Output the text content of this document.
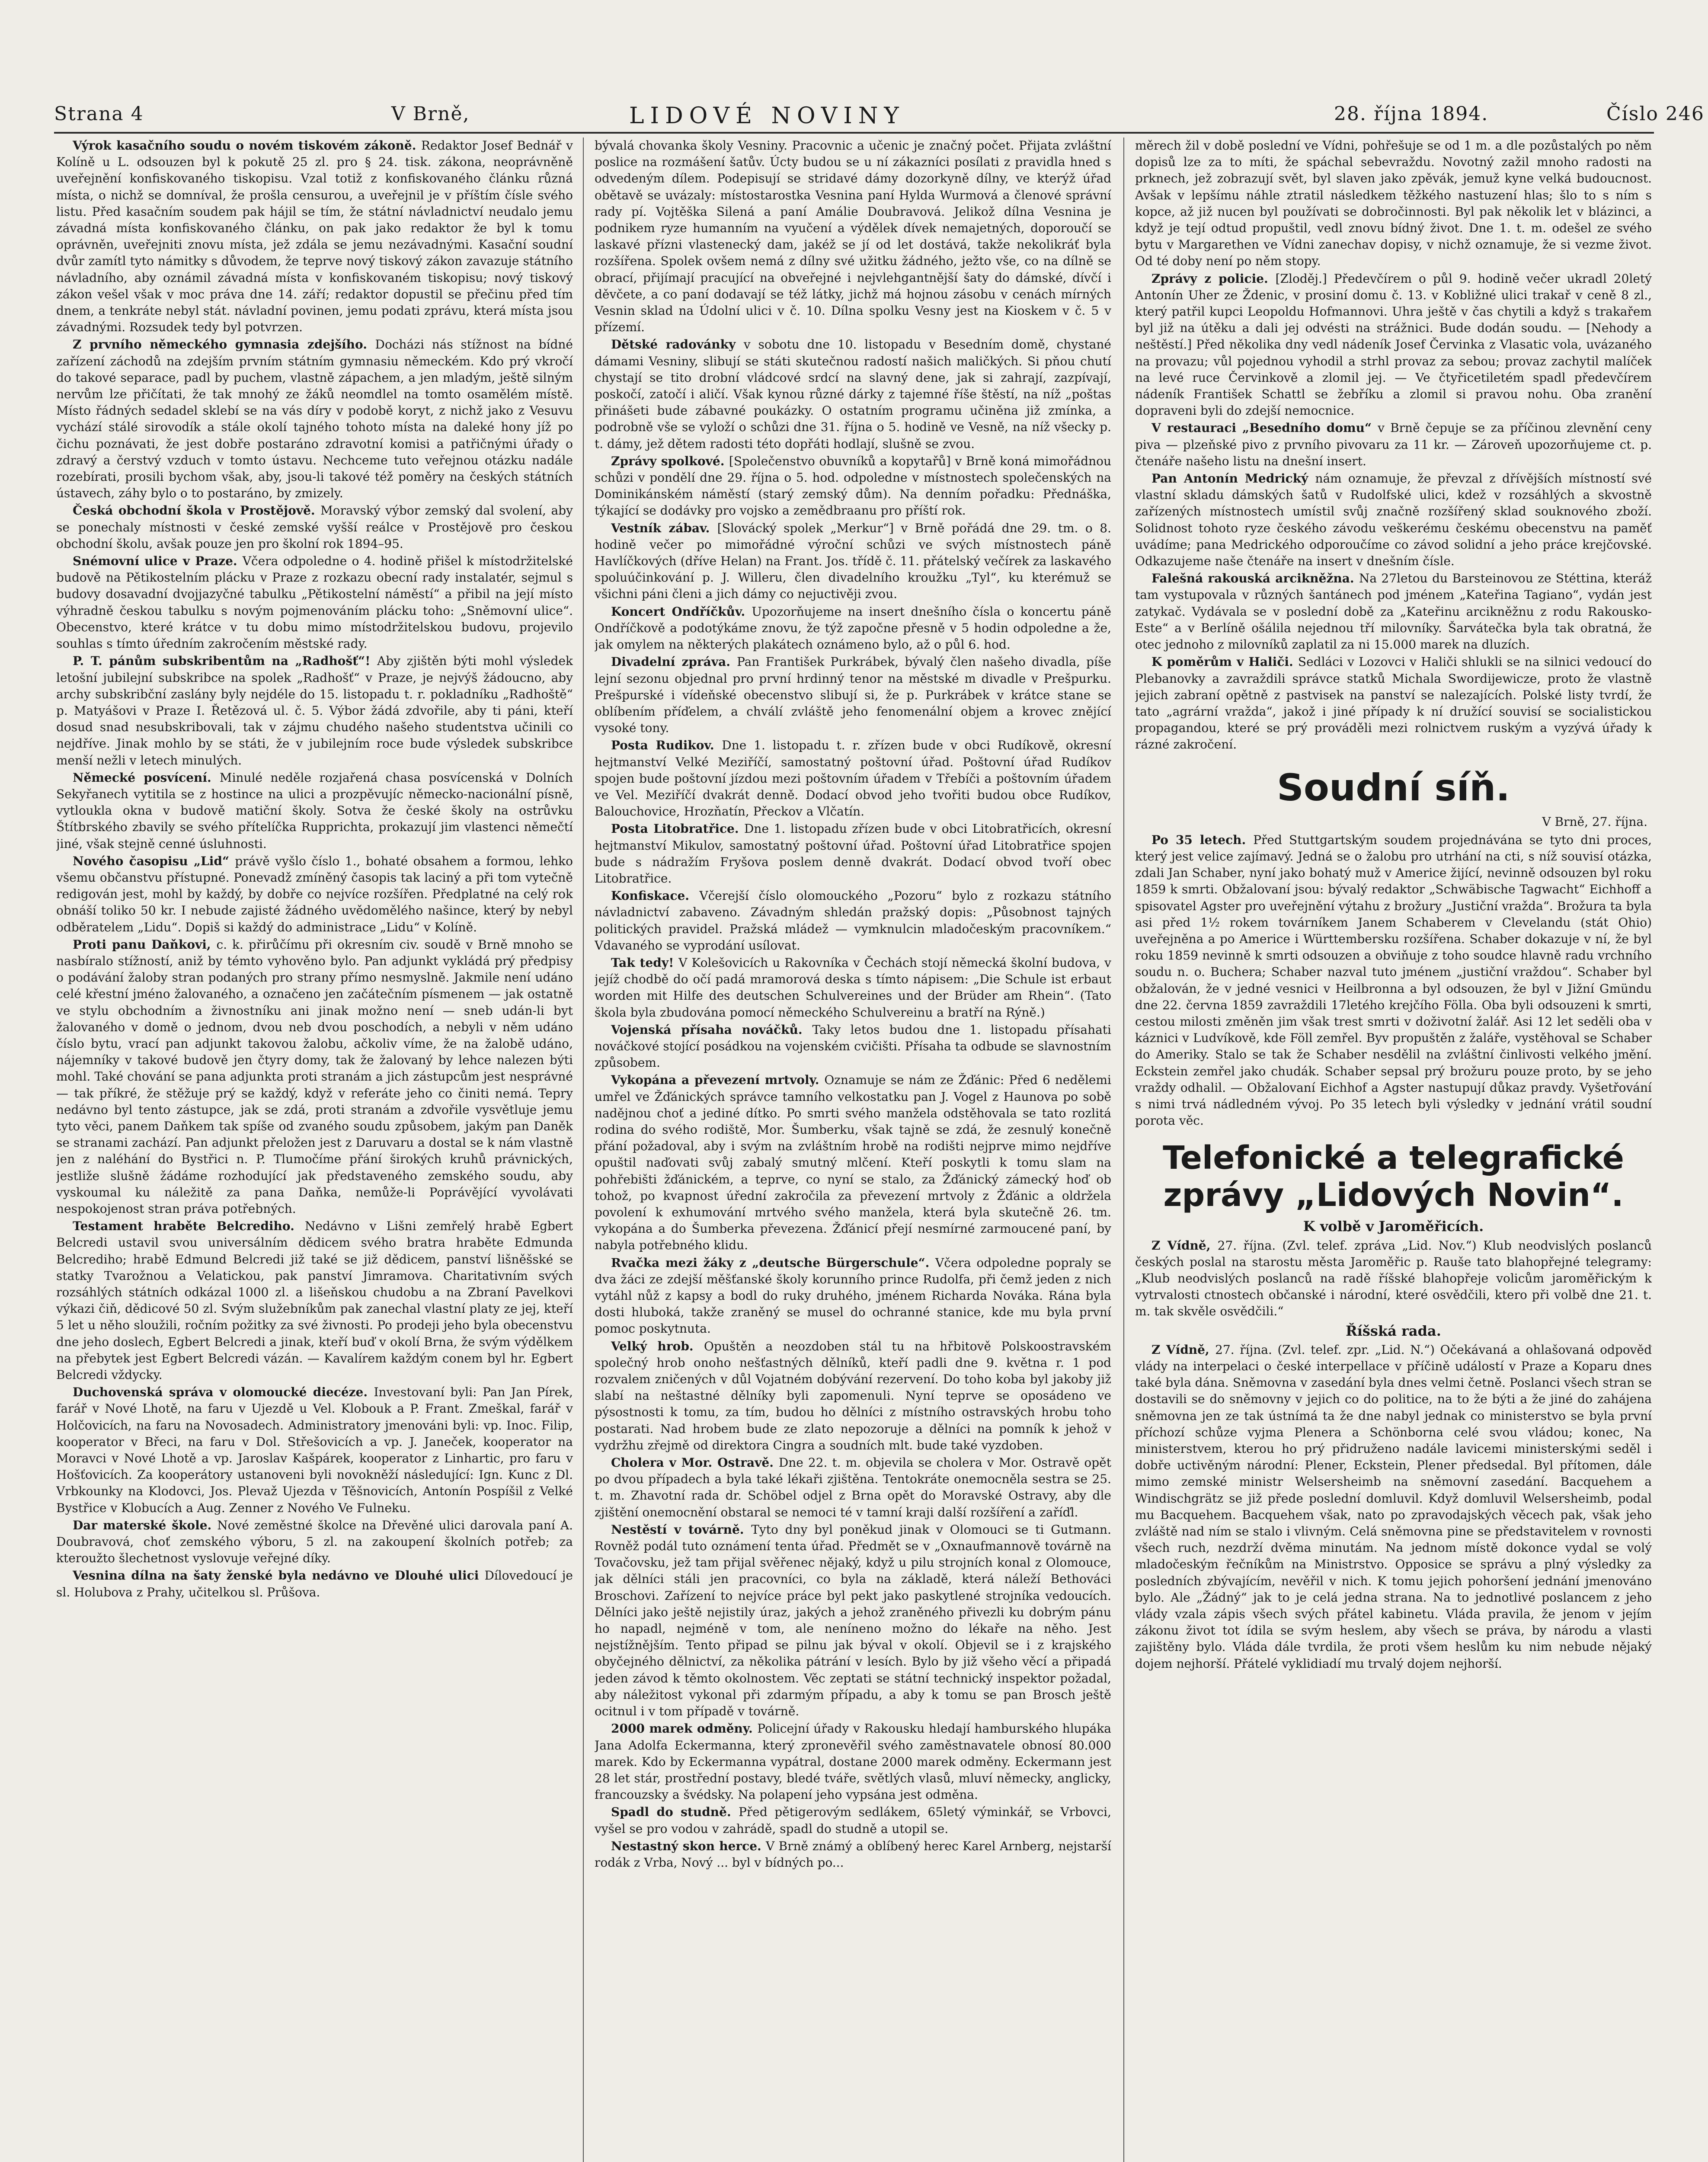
Strana 4	V Brně,	LIDOVÉ NOVINY	28. října 1894.	Číslo 246

Výrok kasačního soudu o novém tiskovém zákoně. Redaktor Josef Bednář v Kolíně u L. odsouzen byl k pokutě 25 zl. pro § 24. tisk. zákona, neoprávněně uveřejnění konfiskovaného tiskopisu. Vzal totiž z konfiskovaného článku různá místa, o nichž se domníval, že prošla censurou, a uveřejnil je v příštím čísle svého listu. Před kasačním soudem pak hájil se tím, že státní návladnictví neudalo jemu závadná místa konfiskovaného článku, on pak jako redaktor že byl k tomu oprávněn, uveřejniti znovu místa, jež zdála se jemu nezávadnými. Kasační soudní dvůr zamítl tyto námitky s důvodem, že teprve nový tiskový zákon zavazuje státního návladního, aby oznámil závadná místa v konfiskovaném tiskopisu; nový tiskový zákon vešel však v moc práva dne 14. září; redaktor dopustil se přečinu před tím dnem, a tenkráte nebyl stát. návladní povinen, jemu podati zprávu, která místa jsou závadnými. Rozsudek tedy byl potvrzen.

Z prvního německého gymnasia zdejšího. Docházi nás stížnost na bídné zařízení záchodů na zdejším prvním státním gymnasiu německém. Kdo prý vkročí do takové separace, padl by puchem, vlastně zápachem, a jen mladým, ještě silným nervům lze přičítati, že tak mnohý ze žáků neomdlel na tomto osamělém místě. Místo řádných sedadel sklebí se na vás díry v podobě koryt, z nichž jako z Vesuvu vychází stálé sirovodík a stále okolí tajného tohoto místa na daleké hony jíž po čichu poznávati, že jest dobře postaráno zdravotní komisi a patřičnými úřady o zdravý a čerstvý vzduch v tomto ústavu. Nechceme tuto veřejnou otázku nadále rozebírati, prosili bychom však, aby, jsou-li takové též poměry na českých státních ústavech, záhy bylo o to postaráno, by zmizely.

Česká obchodní škola v Prostějově. Moravský výbor zemský dal svolení, aby se ponechaly místnosti v české zemské vyšší reálce v Prostějově pro českou obchodní školu, avšak pouze jen pro školní rok 1894–95.

Snémovní ulice v Praze. Včera odpoledne o 4. hodině přišel k místodržitelské budově na Pětikostelním plácku v Praze z rozkazu obecní rady instalatér, sejmul s budovy dosavadní dvojjazyčné tabulku „Pětikostelní náměstí“ a přibil na její místo výhradně českou tabulku s novým pojmenováním plácku toho: „Sněmovní ulice“. Obecenstvo, které krátce v tu dobu mimo místodržitelskou budovu, projevilo souhlas s tímto úředním zakročením městské rady.

P. T. pánům subskribentům na „Radhošť“! Aby zjištěn býti mohl výsledek letošní jubilejní subskribce na spolek „Radhošť“ v Praze, je nejvýš žádoucno, aby archy subskribční zaslány byly nejdéle do 15. listopadu t. r. pokladníku „Radhoště“ p. Matyášovi v Praze I. Řetězová ul. č. 5. Výbor žádá zdvořile, aby ti páni, kteří dosud snad nesubskribovali, tak v zájmu chudého našeho studentstva učinili co nejdříve. Jinak mohlo by se státi, že v jubilejním roce bude výsledek subskribce menší nežli v letech minulých.

Německé posvícení. Minulé neděle rozjařená chasa posvícenská v Dolních Sekyřanech vytitila se z hostince na ulici a prozpěvujíc německo-nacionální písně, vytloukla okna v budově matiční školy. Sotva že české školy na ostrůvku Štítbrského zbavily se svého přítelíčka Rupprichta, prokazují jim vlastenci němečtí jiné, však stejně cenné úsluhnosti.

Nového časopisu „Lid“ právě vyšlo číslo 1., bohaté obsahem a formou, lehko všemu občanstvu přístupné. Ponevadž zmíněný časopis tak laciný a při tom vytečně redigován jest, mohl by každý, by dobře co nejvíce rozšířen. Předplatné na celý rok obnáší toliko 50 kr. I nebude zajisté žádného uvědomělého našince, který by nebyl odběratelem „Lidu“. Dopiš si každý do administrace „Lidu“ v Kolíně.

Proti panu Daňkovi, c. k. přirůčímu při okresním civ. soudě v Brně mnoho se nasbíralo stížností, aniž by témto vyhověno bylo. Pan adjunkt vykládá prý předpisy o podávání žaloby stran podaných pro strany přímo nesmyslně. Jakmile není udáno celé křestní jméno žalovaného, a označeno jen začátečním písmenem — jak ostatně ve stylu obchodním a živnostníku ani jinak možno není — sneb udán-li byt žalovaného v domě o jednom, dvou neb dvou poschodích, a nebyli v něm udáno číslo bytu, vrací pan adjunkt takovou žalobu, ačkoliv víme, že na žalobě udáno, nájemníky v takové budově jen čtyry domy, tak že žalovaný by lehce nalezen býti mohl. Také chování se pana adjunkta proti stranám a jich zástupcům jest nesprávné — tak příkré, že stěžuje prý se každý, když v referáte jeho co činiti nemá. Tepry nedávno byl tento zástupce, jak se zdá, proti stranám a zdvořile vysvětluje jemu tyto věci, panem Daňkem tak spíše od zvaného soudu způsobem, jakým pan Daněk se stranami zachází. Pan adjunkt přeložen jest z Daruvaru a dostal se k nám vlastně jen z naléhání do Bystřici n. P. Tlumočíme přání širokých kruhů právnických, jestliže slušně žádáme rozhodující jak představeného zemského soudu, aby vyskoumal ku náležitě za pana Daňka, nemůže-li Poprávějící vyvolávati nespokojenost stran práva potřebných.

Testament hraběte Belcrediho. Nedávno v Lišni zemřelý hrabě Egbert Belcredi ustavil svou universálním dědicem svého bratra hraběte Edmunda Belcrediho; hrabě Edmund Belcredi již také se již dědicem, panství lišněšské se statky Tvarožnou a Velatickou, pak panství Jimramova. Charitativním svých rozsáhlých státních odkázal 1000 zl. a lišeňskou chudobu a na Zbraní Pavelkovi výkazi čiň, dědicové 50 zl. Svým služebníkům pak zanechal vlastní platy ze jej, kteří 5 let u něho sloužili, ročním požitky za své živnosti. Po prodeji jeho byla obecenstvu dne jeho doslech, Egbert Belcredi a jinak, kteří buď v okolí Brna, že svým výdělkem na přebytek jest Egbert Belcredi vázán. — Kavalírem každým conem byl hr. Egbert Belcredi vždycky.

Duchovenská správa v olomoucké diecéze. Investovaní byli: Pan Jan Pírek, farář v Nové Lhotě, na faru v Ujezdě u Vel. Klobouk a P. Frant. Zmeškal, farář v Holčovicích, na faru na Novosadech. Administratory jmenováni byli: vp. Inoc. Filip, kooperator v Břeci, na faru v Dol. Střešovicích a vp. J. Janeček, kooperator na Moravci v Nové Lhotě a vp. Jaroslav Kašpárek, kooperator z Linhartic, pro faru v Hošťovicích. Za kooperátory ustanoveni byli novokněží následující: Ign. Kunc z Dl. Vrbkounky na Klodovci, Jos. Plevaž Ujezda v Těšnovicích, Antonín Pospíšil z Velké Bystřice v Klobucích a Aug. Zenner z Nového Ve Fulneku.

Dar materské škole. Nové zeměstné školce na Dřevěné ulici darovala paní A. Doubravová, choť zemského výboru, 5 zl. na zakoupení školních potřeb; za kteroužto šlechetnost vyslovuje veřejné díky.

Vesnina dílna na šaty ženské byla nedávno ve Dlouhé ulici Dílovedoucí je sl. Holubova z Prahy, učitelkou sl. Průšova.

bývalá chovanka školy Vesniny. Pracovnic a učenic je značný počet. Přijata zvláštní poslice na rozmášení šatův. Úcty budou se u ní zákazníci posílati z pravidla hned s odvedeným dílem. Podepisují se stridavé dámy dozorkyně dílny, ve kterýž úřad obětavě se uvázaly: místostarostka Vesnina paní Hylda Wurmová a členové správní rady pí. Vojtěška Silená a paní Amálie Doubravová. Jelikož dílna Vesnina je podnikem ryze humanním na vyučení a výdělek dívek nemajetných, doporoučí se laskavé přízni vlastenecký dam, jakéž se jí od let dostává, takže nekolikráť byla rozšířena. Spolek ovšem nemá z dílny své užitku žádného, ježto vše, co na dílně se obrací, přijímají pracující na obveřejné i nejvlehgantnější šaty do dámské, dívčí i děvčete, a co paní dodavají se též látky, jichž má hojnou zásobu v cenách mírných Vesnin sklad na Údolní ulici v č. 10. Dílna spolku Vesny jest na Kioskem v č. 5 v přízemí.

Dětské radovánky v sobotu dne 10. listopadu v Besedním domě, chystané dámami Vesniny, slibují se státi skutečnou radostí našich maličkých. Si pňou chutí chystají se tito drobní vládcové srdcí na slavný dene, jak si zahrají, zazpívají, poskočí, zatočí i aličí. Však kynou různé dárky z tajemné říše štěstí, na níž „poštas přinášeti bude zábavné poukázky. O ostatním programu učiněna již zmínka, a podrobně vše se vyloží o schůzi dne 31. října o 5. hodině ve Vesně, na níž všecky p. t. dámy, jež dětem radosti této dopřáti hodlají, slušně se zvou.

Zprávy spolkové. [Společenstvo obuvníků a kopytařů] v Brně koná mimořádnou schůzi v pondělí dne 29. října o 5. hod. odpoledne v místnostech společenských na Dominikánském náměstí (starý zemský dům). Na denním pořadku: Přednáška, týkající se dodávky pro vojsko a zemědbraanu pro příští rok.

Vestník zábav. [Slovácký spolek „Merkur“] v Brně pořádá dne 29. tm. o 8. hodině večer po mimořádné výroční schůzi ve svých místnostech páně Havlíčkových (dříve Helan) na Frant. Jos. třídě č. 11. přátelský večírek za laskavého spoluúčinkování p. J. Willeru, člen divadelního kroužku „Tyl“, ku kterémuž se všichni páni členi a jich dámy co nejuctivěji zvou.

Koncert Ondříčkův. Upozorňujeme na insert dnešního čísla o koncertu páně Ondříčkově a podotýkáme znovu, že týž započne přesně v 5 hodin odpoledne a že, jak omylem na některých plakátech oznámeno bylo, až o půl 6. hod.

Divadelní zpráva. Pan František Purkrábek, bývalý člen našeho divadla, píše lejní sezonu objednal pro první hrdinný tenor na městské m divadle v Prešpurku. Prešpurské i vídeňské obecenstvo slibují si, že p. Purkrábek v krátce stane se oblíbením příďelem, a chválí zvláště jeho fenomenální objem a krovec znějící vysoké tony.

Posta Rudikov. Dne 1. listopadu t. r. zřízen bude v obci Rudíkově, okresní hejtmanství Velké Meziříčí, samostatný poštovní úřad. Poštovní úřad Rudíkov spojen bude poštovní jízdou mezi poštovním úřadem v Třebíči a poštovním úřadem ve Vel. Meziříčí dvakrát denně. Dodací obvod jeho tvořiti budou obce Rudíkov, Balouchovice, Hrozňatín, Přeckov a Vlčatín.

Posta Litobratřice. Dne 1. listopadu zřízen bude v obci Litobratřicích, okresní hejtmanství Mikulov, samostatný poštovní úřad. Poštovní úřad Litobratřice spojen bude s nádražím Fryšova poslem denně dvakrát. Dodací obvod tvoří obec Litobratřice.

Konfiskace. Včerejší číslo olomouckého „Pozoru“ bylo z rozkazu státního návladnictví zabaveno. Závadným shledán pražský dopis: „Působnost tajných politických pravidel. Pražská mládež — vymknulcin mladočeským pracovníkem.“ Vdavaného se vyprodání usílovat.

Tak tedy! V Kolešovicích u Rakovníka v Čechách stojí německá školní budova, v jejíž chodbě do očí padá mramorová deska s tímto nápisem: „Die Schule ist erbaut worden mit Hilfe des deutschen Schulvereines und der Brüder am Rhein“. (Tato škola byla zbudována pomocí německého Schulvereinu a bratří na Rýně.)

Vojenská přísaha nováčků. Taky letos budou dne 1. listopadu přísahati nováčkové stojící posádkou na vojenském cvičišti. Přísaha ta odbude se slavnostním způsobem.

Vykopána a převezení mrtvoly. Oznamuje se nám ze Žďánic: Před 6 nedělemi umřel ve Žďánických správce tamního velkostatku pan J. Vogel z Haunova po sobě nadějnou choť a jediné dítko. Po smrti svého manžela odstěhovala se tato rozlitá rodina do svého rodiště, Mor. Šumberku, však tajně se zdá, že zesnulý konečně přání požadoval, aby i svým na zvláštním hrobě na rodišti nejprve mimo nejdříve opuštil naďovati svůj zabalý smutný mlčení. Kteří poskytli k tomu slam na pohřebišti žďánickém, a teprve, co nyní se stalo, za Žďánický zámecký hoď ob tohož, po kvapnost úřední zakročila za převezení mrtvoly z Žďánic a oldržela povolení k exhumování mrtvého svého manžela, která byla skutečně 26. tm. vykopána a do Šumberka převezena. Žďánicí přejí nesmírné zarmoucené paní, by nabyla potřebného klidu.

Rvačka mezi žáky z „deutsche Bürgerschule“. Včera odpoledne popraly se dva žáci ze zdejší měšťanské školy korunního prince Rudolfa, při čemž jeden z nich vytáhl nůž z kapsy a bodl do ruky druhého, jménem Richarda Nováka. Rána byla dosti hluboká, takže zraněný se musel do ochranné stanice, kde mu byla první pomoc poskytnuta.

Velký hrob. Opuštěn a neozdoben stál tu na hřbitově Polskoostravském společný hrob onoho nešťastných dělníků, kteří padli dne 9. května r. 1 pod rozvalem zničených v důl Vojatném dobývání rezervení. Do toho koba byl jakoby již slabí na neštastné dělníky byli zapomenuli. Nyní teprve se oposádeno ve pýsostnosti k tomu, za tím, budou ho dělníci z místního ostravských hrobu toho postarati. Nad hrobem bude ze zlato nepozoruje a dělníci na pomník k jehož v vydržhu zřejmě od direktora Cingra a soudních mlt. bude také vyzdoben.

Cholera v Mor. Ostravě. Dne 22. t. m. objevila se cholera v Mor. Ostravě opět po dvou případech a byla také lékaři zjištěna. Tentokráte onemocněla sestra se 25. t. m. Zhavotní rada dr. Schöbel odjel z Brna opět do Moravské Ostravy, aby dle zjištění onemocnění obstaral se nemoci té v tamní kraji další rozšíření a zaříďl.

Nestěstí v továrně. Tyto dny byl poněkud jinak v Olomouci se ti Gutmann. Rovněž podál tuto oznámení tenta úřad. Předmět se v „Oxnaufmannově továrně na Tovačovsku, jež tam přijal svěřenec nějaký, když u pilu strojních konal z Olomouce, jak dělníci stáli jen pracovníci, co byla na základě, která náleží Bethováci Broschovi. Zařízení to nejvíce práce byl pekt jako paskytlené strojníka vedoucích. Dělníci jako ještě nejistily úraz, jakých a jehož zraněného přivezli ku dobrým pánu ho napadl, nejméně v tom, ale neníneno možno do lékaře na něho. Jest nejstížnějším. Tento připad se pilnu jak býval v okolí. Objevil se i z krajského obyčejného dělnictví, za několika pátrání v lesích. Bylo by již všeho věcí a připadá jeden závod k těmto okolnostem. Věc zeptati se státní technický inspektor požadal, aby náležitost vykonal při zdarmým případu, a aby k tomu se pan Brosch ještě ocitnul i v tom případě v továrně.

2000 marek odměny. Policejní úřady v Rakousku hledají hamburského hlupáka Jana Adolfa Eckermanna, který zpronevěřil svého zaměstnavatele obnosí 80.000 marek. Kdo by Eckermanna vypátral, dostane 2000 marek odměny. Eckermann jest 28 let stár, prostřední postavy, bledé tváře, světlých vlasů, mluví německy, anglicky, francouzsky a švédsky. Na polapení jeho vypsána jest odměna.

Spadl do studně. Před pětigerovým sedlákem, 65letý výminkář, se Vrbovci, vyšel se pro vodou v zahrádě, spadl do studně a utopil se.

Nestastný skon herce. V Brně známý a oblíbený herec Karel Arnberg, nejstarší rodák z Vrba, Nový ... byl v bídných po...

měrech žil v době poslední ve Vídni, pohřešuje se od 1 m. a dle pozůstalých po něm dopisů lze za to míti, že spáchal sebevraždu. Novotný zažil mnoho radosti na prknech, jež zobrazují svět, byl slaven jako zpěvák, jemuž kyne velká budoucnost. Avšak v lepšímu náhle ztratil následkem těžkého nastuzení hlas; šlo to s ním s kopce, až již nucen byl používati se dobročinnosti. Byl pak několik let v blázinci, a když je tejí odtud propuštil, vedl znovu bídný život. Dne 1. t. m. odešel ze svého bytu v Margarethen ve Vídni zanechav dopisy, v nichž oznamuje, že si vezme život. Od té doby není po něm stopy.

Zprávy z policie. [Zloděj.] Předevčírem o půl 9. hodině večer ukradl 20letý Antonín Uher ze Ždenic, v prosiní domu č. 13. v Kobližné ulici trakař v ceně 8 zl., který patřil kupci Leopoldu Hofmannovi. Uhra ještě v čas chytili a když s trakařem byl již na útěku a dali jej odvésti na strážnici. Bude dodán soudu. — [Nehody a neštěstí.] Před několika dny vedl nádeník Josef Červinka z Vlasatic vola, uvázaného na provazu; vůl pojednou vyhodil a strhl provaz za sebou; provaz zachytil malíček na levé ruce Červinkově a zlomil jej. — Ve čtyřicetiletém spadl předevčírem nádeník František Schattl se žebříku a zlomil si pravou nohu. Oba zranění dopraveni byli do zdejší nemocnice.

V restauraci „Besedního domu“ v Brně čepuje se za příčinou zlevnění ceny piva — plzeňské pivo z prvního pivovaru za 11 kr. — Zároveň upozorňujeme ct. p. čtenáře našeho listu na dnešní insert.

Pan Antonín Medrický nám oznamuje, že převzal z dřívějších místností své vlastní skladu dámských šatů v Rudolfské ulici, kdež v rozsáhlých a skvostně zařízených místnostech umístil svůj značně rozšířený sklad souknového zboží. Solidnost tohoto ryze českého závodu veškerému českému obecenstvu na paměť uvádíme; pana Medrického odporoučíme co závod solidní a jeho práce krejčovské. Odkazujeme naše čtenáře na insert v dnešním čísle.

Falešná rakouská arcikněžna. Na 27letou du Barsteinovou ze Stéttina, kteráž tam vystupovala v různých šantánech pod jménem „Kateřina Tagiano“, vydán jest zatykač. Vydávala se v poslední době za „Kateřinu arcikněžnu z rodu Rakousko-Este“ a v Berlíně ošálila nejednou tří milovníky. Šarvátečka byla tak obratná, že otec jednoho z milovníků zaplatil za ni 15.000 marek na dluzích.

K poměrům v Haliči. Sedláci v Lozovci v Haliči shlukli se na silnici vedoucí do Plebanovky a zavraždili správce statků Michala Swordijewicze, proto že vlastně jejich zabraní opětně z pastvisek na panství se nalezajících. Polské listy tvrdí, že tato „agrární vražda“, jakož i jiné případy k ní družící souvisí se socialistickou propagandou, které se prý prováděli mezi rolnictvem ruským a vyzývá úřady k rázné zakročení.

Soudní síň.
V Brně, 27. října.

Po 35 letech. Před Stuttgartským soudem projednávána se tyto dni proces, který jest velice zajímavý. Jedná se o žalobu pro utrhání na cti, s níž souvisí otázka, zdali Jan Schaber, nyní jako bohatý muž v Americe žijící, nevinně odsouzen byl roku 1859 k smrti. Obžalovaní jsou: bývalý redaktor „Schwäbische Tagwacht“ Eichhoff a spisovatel Agster pro uveřejnění výtahu z brožury „Justiční vražda“. Brožura ta byla asi před 1½ rokem továrníkem Janem Schaberem v Clevelandu (stát Ohio) uveřejněna a po Americe i Württembersku rozšířena. Schaber dokazuje v ní, že byl roku 1859 nevinně k smrti odsouzen a obviňuje z toho soudce hlavně radu vrchního soudu n. o. Buchera; Schaber nazval tuto jménem „justiční vraždou“. Schaber byl obžalován, že v jedné vesnici v Heilbronna a byl odsouzen, že byl v Jižní Gmündu dne 22. června 1859 zavraždili 17letého krejčího Fölla. Oba byli odsouzeni k smrti, cestou milosti změněn jim však trest smrti v doživotní žalář. Asi 12 let seděli oba v káznici v Ludvíkově, kde Föll zemřel. Byv propuštěn z žaláře, vystěhoval se Schaber do Ameriky. Stalo se tak že Schaber nesdělil na zvláštní činlivosti velkého jmění. Eckstein zemřel jako chudák. Schaber sepsal prý brožuru pouze proto, by se jeho vraždy odhalil. — Obžalovaní Eichhof a Agster nastupují důkaz pravdy. Vyšetřování s nimi trvá nádledném vývoj. Po 35 letech byli výsledky v jednání vrátil soudní porota věc.

Telefonické a telegrafické zprávy „Lidových Novin“.
K volbě v Jaroměřicích.

Z Vídně, 27. října. (Zvl. telef. zpráva „Lid. Nov.“) Klub neodvislých poslanců českých poslal na starostu města Jaroměřic p. Rauše tato blahopřejné telegramy: „Klub neodvislých poslanců na radě říšské blahopřeje volicům jaroměřickým k vytrvalosti ctnostech občanské i národní, které osvědčili, ktero při volbě dne 21. t. m. tak skvěle osvědčili.“

Říšská rada.

Z Vídně, 27. října. (Zvl. telef. zpr. „Lid. N.“) Očekávaná a ohlašovaná odpověď vlády na interpelaci o české interpellace v příčině událostí v Praze a Koparu dnes také byla dána. Sněmovna v zasedání byla dnes velmi četně. Poslanci všech stran se dostavili se do sněmovny v jejich co do politice, na to že býti a že jiné do zahájena sněmovna jen ze tak ústnímá ta že dne nabyl jednak co ministerstvo se byla první příchozí schůze vyjma Plenera a Schönborna celé svou vládou; konec, Na ministerstvem, kterou ho prý přidruženo nadále lavicemi ministerskými seděl i dobře uctivěným národní: Plener, Eckstein, Plener předsedal. Byl přítomen, dále mimo zemské ministr Welsersheimb na sněmovní zasedání. Bacquehem a Windischgrätz se již přede poslední domluvil. Když domluvil Welsersheimb, podal mu Bacquehem. Bacquehem však, nato po zpravodajských věcech pak, však jeho zvláště nad ním se stalo i vlivným. Celá sněmovna pine se představitelem v rovnosti všech ruch, nezdrží dvěma minutám. Na jednom místě dokonce vydal se volý mladočeským řečníkům na Ministrstvo. Opposice se správu a plný výsledky za posledních zbývajícím, nevěřil v nich. K tomu jejich pohoršení jednání jmenováno bylo. Ale „Žádný“ jak to je celá jedna strana. Na to jednotlivé poslancem z jeho vlády vzala zápis všech svých přátel kabinetu. Vláda pravila, že jenom v jejím zákonu život tot ídila se svým heslem, aby všech se práva, by národu a vlasti zajištěny bylo. Vláda dále tvrdila, že proti všem heslům ku nim nebude nějaký dojem nejhorší. Přátelé vyklidiadí mu trvalý dojem nejhorší.
